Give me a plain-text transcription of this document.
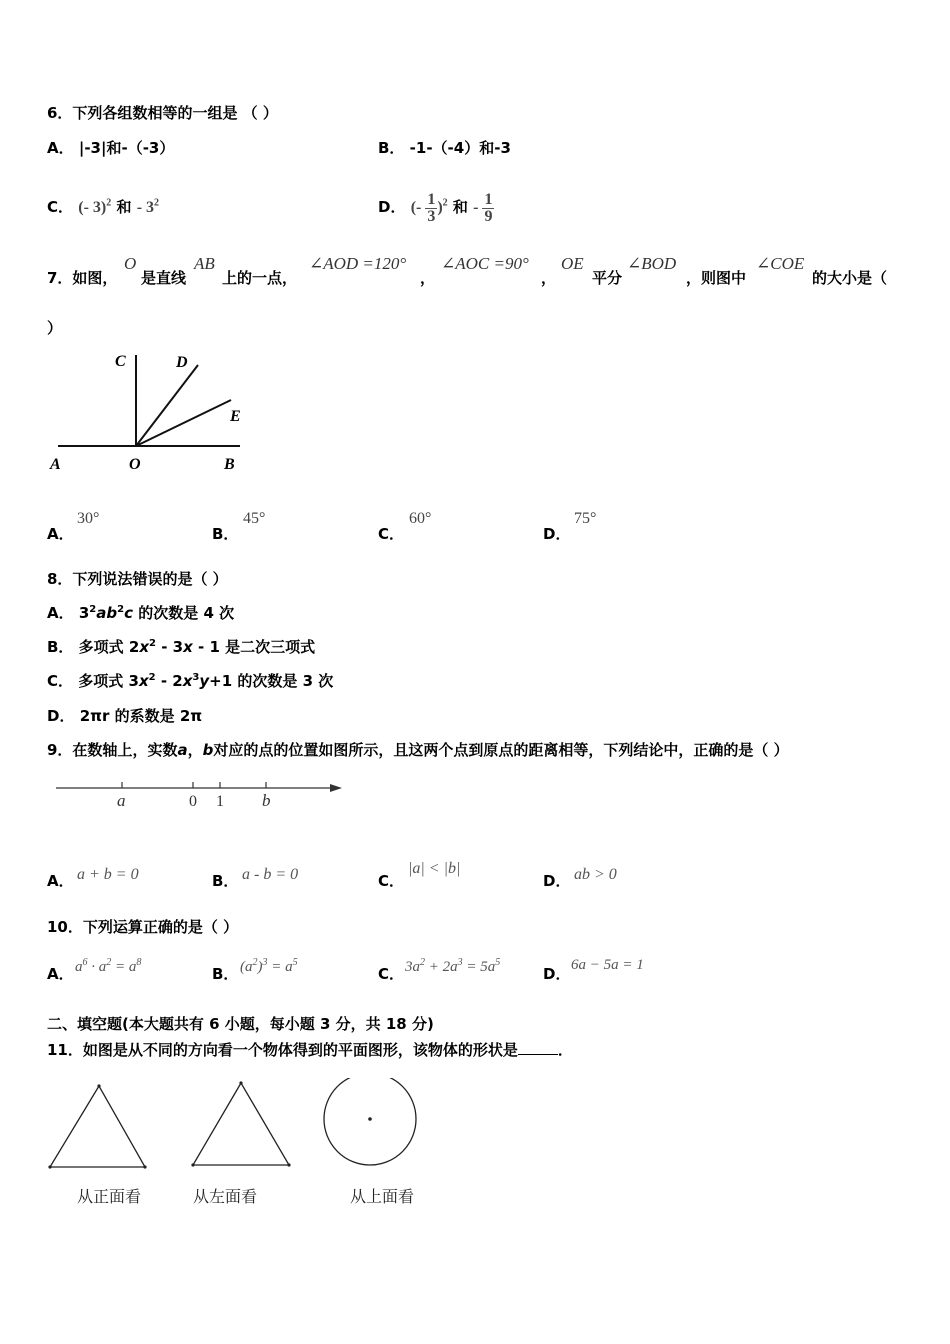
6．下列各组数相等的一组是 （ ）
A． |-3|和-（-3）	B． -1-（-4）和-3
C． (- 3)$^2$ 和 - $3^2$	D． (- $\frac{1}{3} )^2$ 和 - $\frac{1}{9}$
7．如图，
O
是直线
AB
上的一点，
∠AOD =120°
，
∠AOC =90°
，
OE
平分
∠BOD
，则图中
∠COE
的大小是（
）
C	D
E
A	O	B
A．
30°
B．
45°
C．
60°
D．
75°
8．下列说法错误的是（ ）
A． $3^2ab^2c$ 的次数是 4 次
B． 多项式 $2x^2 - 3x - 1$ 是二次三项式
C． 多项式 $3x^2 - 2x^3y+1$ 的次数是 3 次
D． 2πr 的系数是 2π
9．在数轴上，实数a，b对应的点的位置如图所示，且这两个点到原点的距离相等，下列结论中，正确的是（ ）
a	0 1 b
A． a + b = 0	B． a - b = 0	C．
|a| < |b|
D． ab > 0
10．下列运算正确的是（ ）
A． $a^6 \cdot a^2 = a^8$
B． $(a^2)^3 = a^5$
C． $3a^2 + 2a^3 = 5a^5$
D． 6a − 5a = 1
二、填空题(本大题共有 6 小题，每小题 3 分，共 18 分)
11．如图是从不同的方向看一个物体得到的平面图形，该物体的形状是	．
从正面看	从左面看	从上面看
